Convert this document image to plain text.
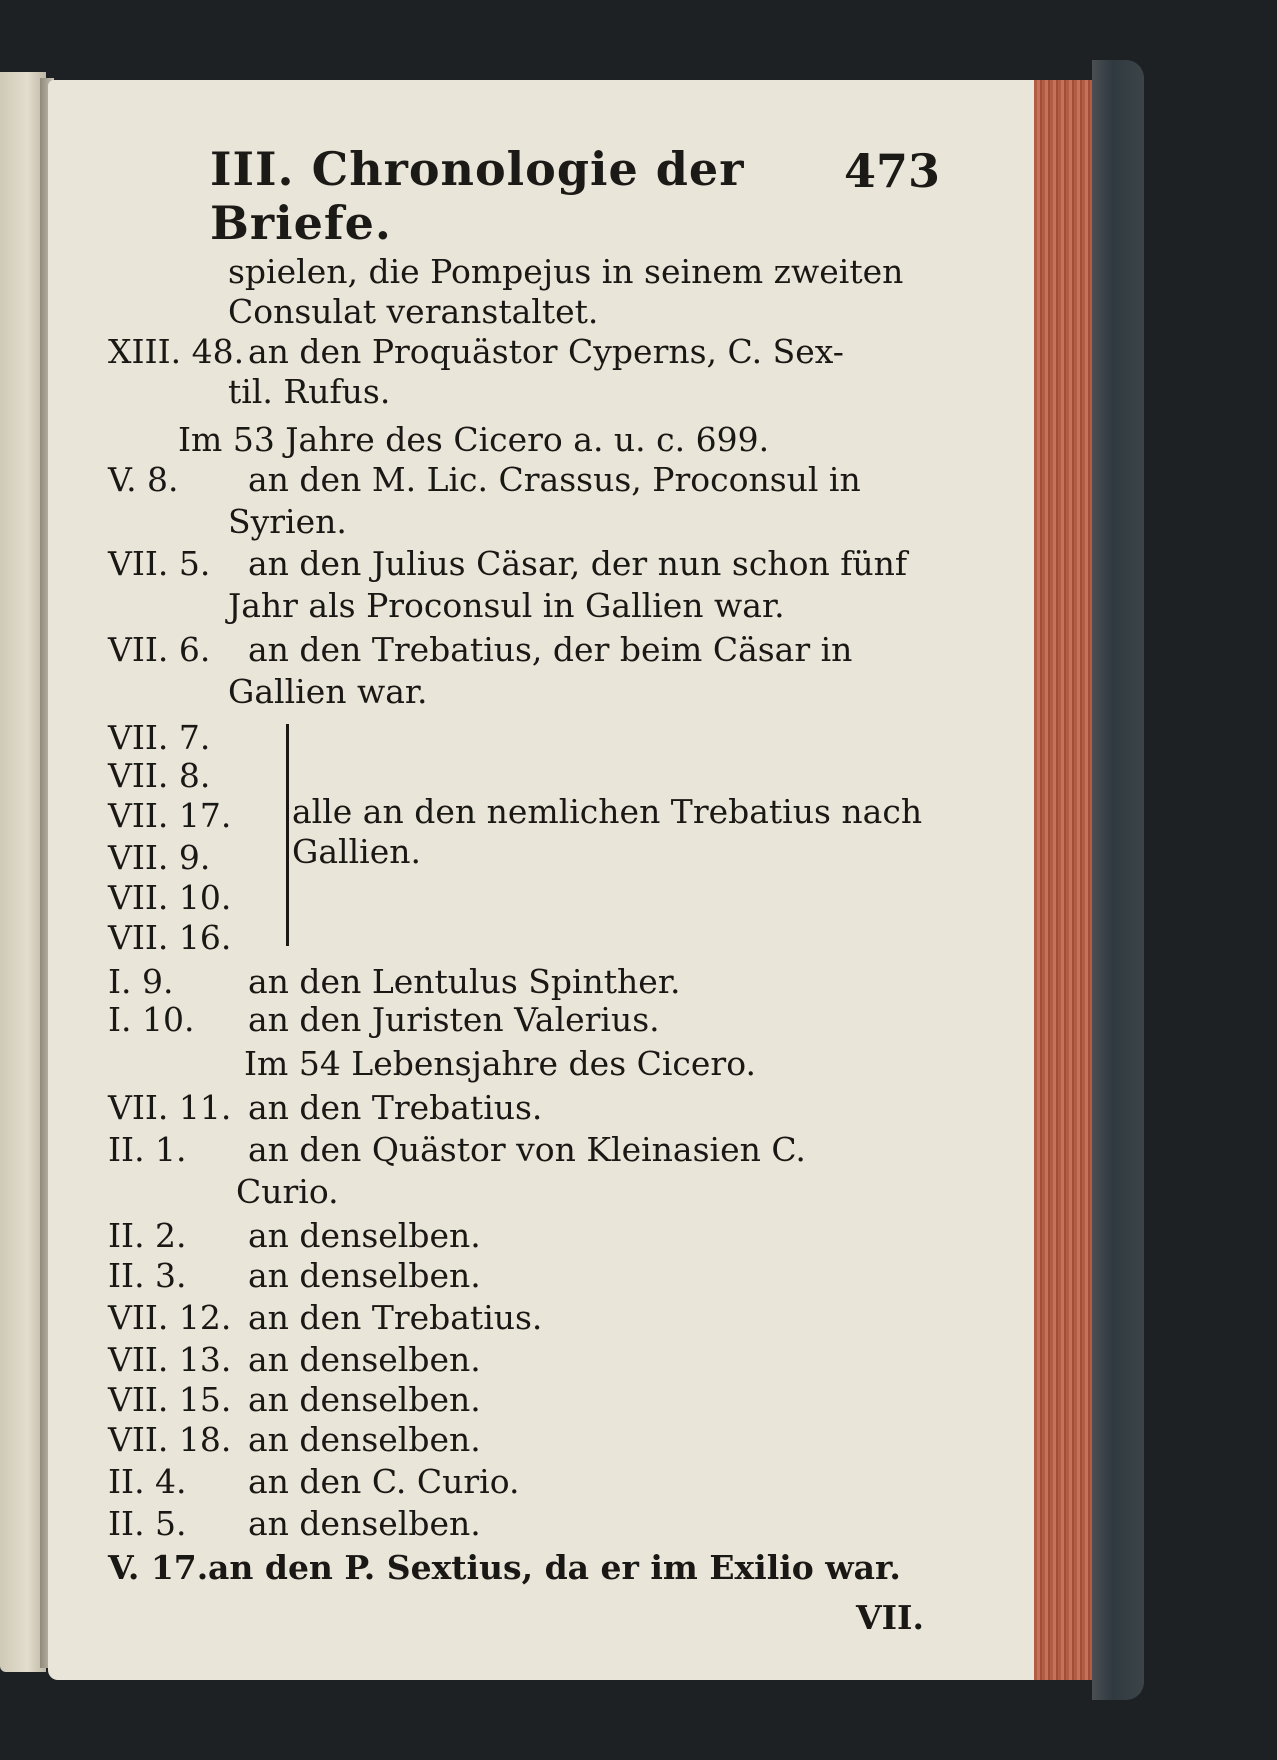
III. Chronologie der Briefe.
473
spielen, die Pompejus in seinem zweiten
Consulat veranstaltet.
XIII. 48. an den Proquästor Cyperns, C. Sex-
til. Rufus.
Im 53 Jahre des Cicero a. u. c. 699.
V. 8. an den M. Lic. Crassus, Proconsul in
Syrien.
VII. 5. an den Julius Cäsar, der nun schon fünf
Jahr als Proconsul in Gallien war.
VII. 6. an den Trebatius, der beim Cäsar in
Gallien war.
VII. 7.
VII. 8.
VII. 17.
VII. 9.
VII. 10.
VII. 16.
alle an den nemlichen Trebatius nach
Gallien.
I. 9. an den Lentulus Spinther.
I. 10. an den Juristen Valerius.
Im 54 Lebensjahre des Cicero.
VII. 11. an den Trebatius.
II. 1. an den Quästor von Kleinasien C.
Curio.
II. 2. an denselben.
II. 3. an denselben.
VII. 12. an den Trebatius.
VII. 13. an denselben.
VII. 15. an denselben.
VII. 18. an denselben.
II. 4. an den C. Curio.
II. 5. an denselben.
V. 17.an den P. Sextius, da er im Exilio war.
VII.
